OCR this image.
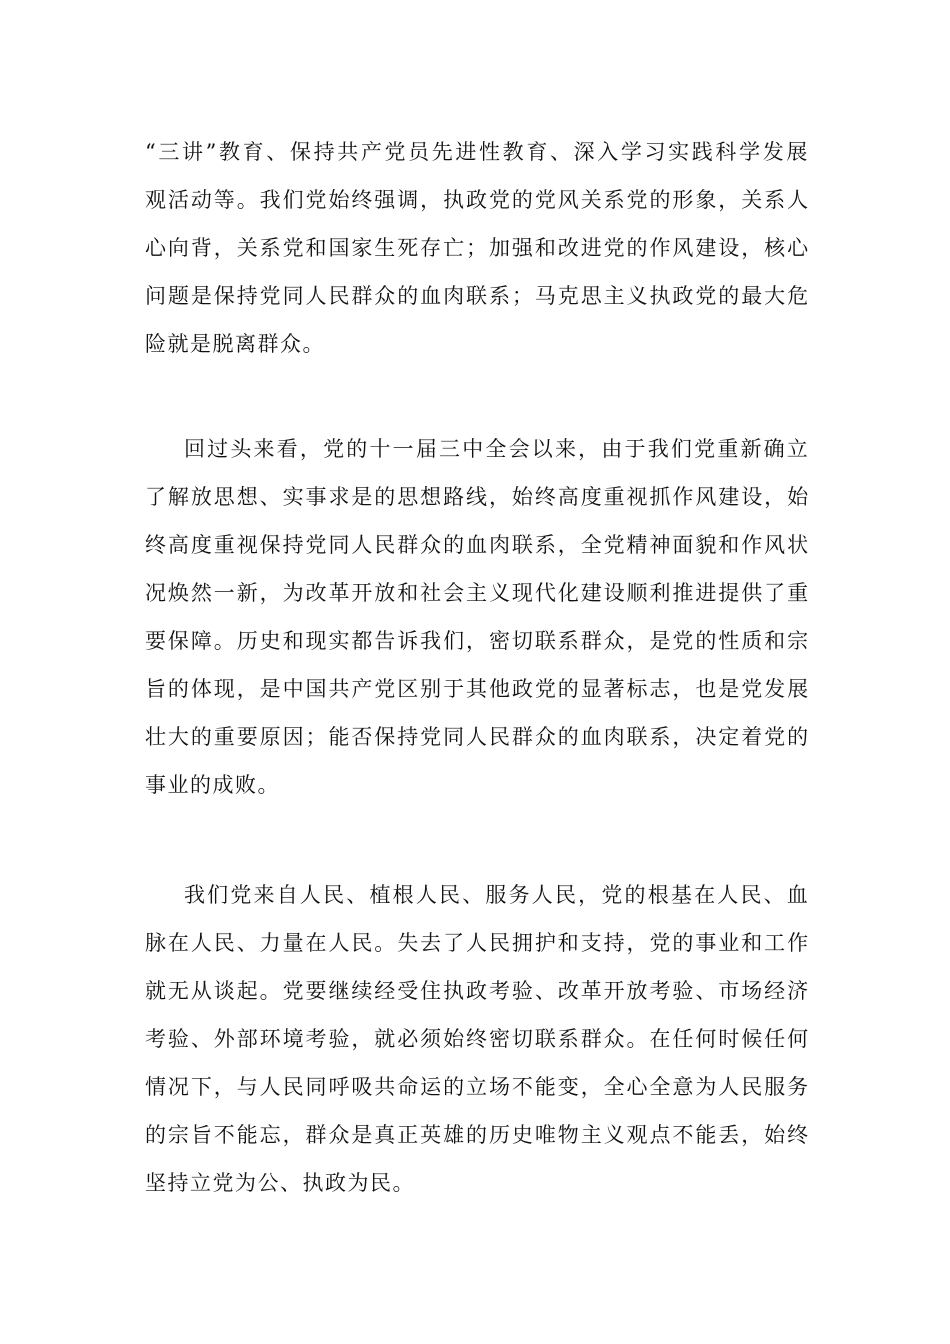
“三讲”教育、保持共产党员先进性教育、深入学习实践科学发展

观活动等。我们党始终强调，执政党的党风关系党的形象，关系人

心向背，关系党和国家生死存亡；加强和改进党的作风建设，核心

问题是保持党同人民群众的血肉联系；马克思主义执政党的最大危

险就是脱离群众。

回过头来看，党的十一届三中全会以来，由于我们党重新确立

了解放思想、实事求是的思想路线，始终高度重视抓作风建设，始

终高度重视保持党同人民群众的血肉联系，全党精神面貌和作风状

况焕然一新，为改革开放和社会主义现代化建设顺利推进提供了重

要保障。历史和现实都告诉我们，密切联系群众，是党的性质和宗

旨的体现，是中国共产党区别于其他政党的显著标志，也是党发展

壮大的重要原因；能否保持党同人民群众的血肉联系，决定着党的

事业的成败。

我们党来自人民、植根人民、服务人民，党的根基在人民、血

脉在人民、力量在人民。失去了人民拥护和支持，党的事业和工作

就无从谈起。党要继续经受住执政考验、改革开放考验、市场经济

考验、外部环境考验，就必须始终密切联系群众。在任何时候任何

情况下，与人民同呼吸共命运的立场不能变，全心全意为人民服务

的宗旨不能忘，群众是真正英雄的历史唯物主义观点不能丢，始终

坚持立党为公、执政为民。
